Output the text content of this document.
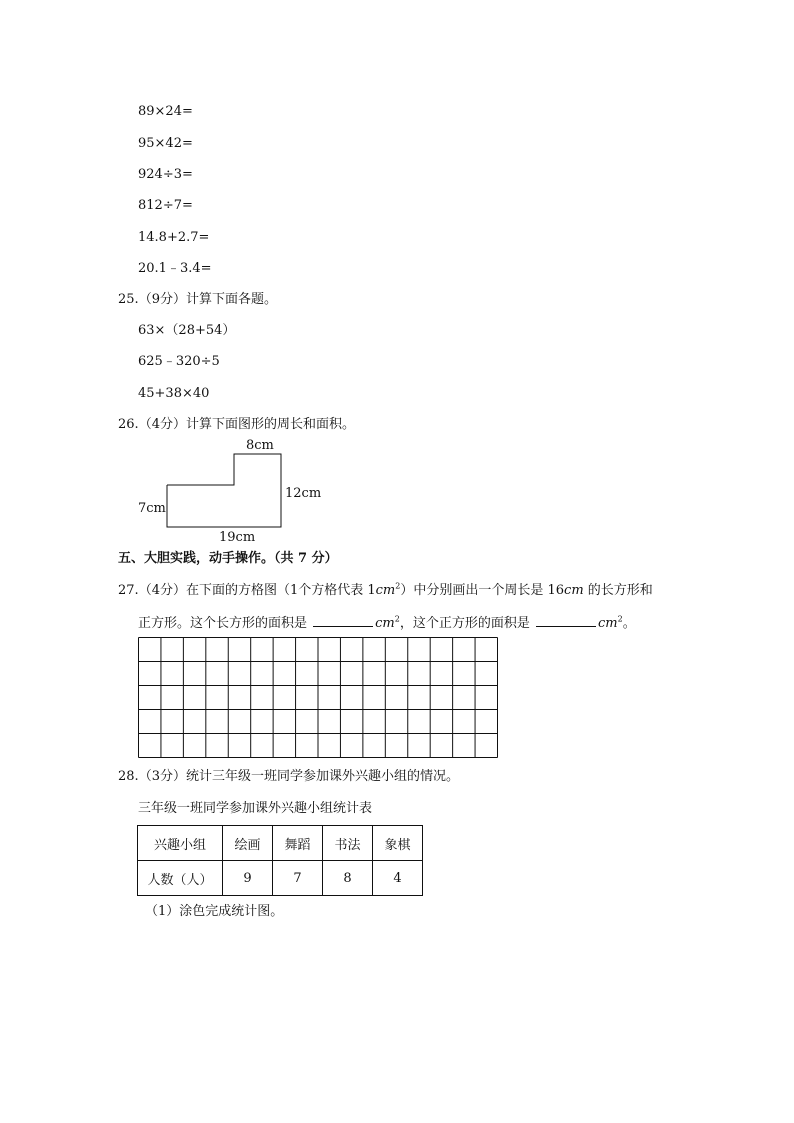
89×24=
95×42=
924÷3=
812÷7=
14.8+2.7=
20.1﹣3.4=
25.（9分）计算下面各题。
63×（28+54）
625﹣320÷5
45+38×40
26.（4分）计算下面图形的周长和面积。
8cm
7cm
12cm
19cm
五、大胆实践，动手操作。（共 7 分）
27.（4分）在下面的方格图（1个方格代表 $1cm^2$）中分别画出一个周长是 16cm 的长方形和
正方形。这个长方形的面积是	$cm^2$，这个正方形的面积是	$cm^2$。
28.（3分）统计三年级一班同学参加课外兴趣小组的情况。
三年级一班同学参加课外兴趣小组统计表
兴趣小组	绘画	舞蹈	书法	象棋
人数（人）	9	7	8	4
（1）涂色完成统计图。
